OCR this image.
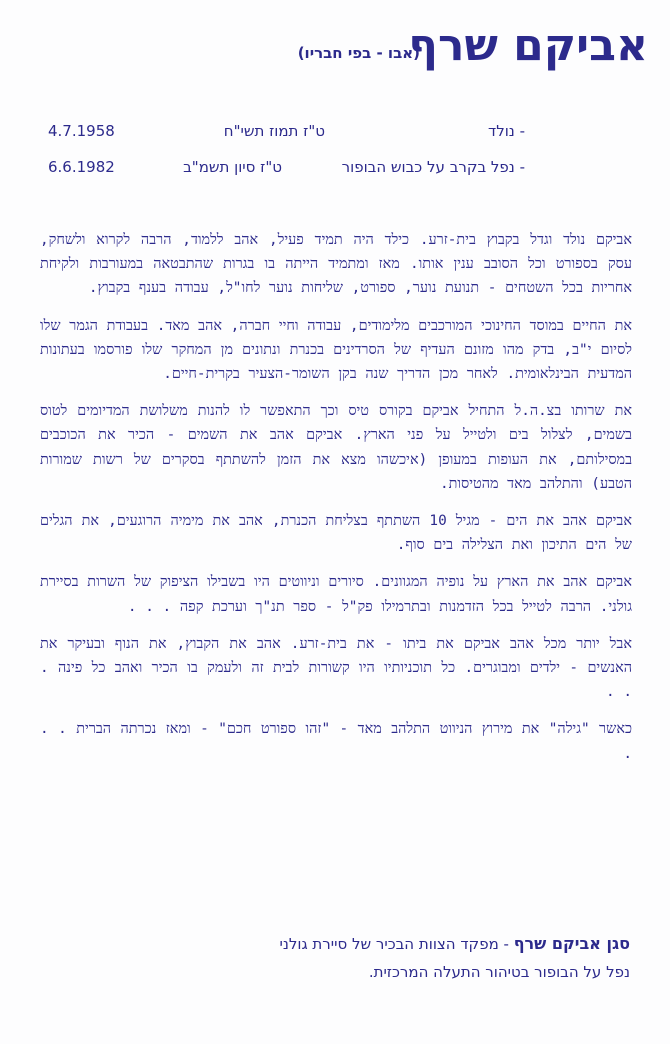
אביקם שרף
(אבו - בפי חבריו)
- נולד
ט"ז תמוז תשי"ח
4.7.1958
- נפל בקרב על כבוש הבופור
ט"ז סיון תשמ"ב
6.6.1982

אביקם נולד וגדל בקבוץ בית-זרע. כילד היה תמיד פעיל, אהב ללמוד, הרבה לקרוא ולשחק, עסק בספורט וכל הסובב ענין אותו. מאז ומתמיד הייתה בו בגרות שהתבטאה במעורבות ולקיחת אחריות בכל השטחים - תנועת נוער, ספורט, שליחות נוער לחו"ל, עבודה בענף בקבוץ.

את החיים במוסד החינוכי המורכבים מלימודים, עבודה וחיי חברה, אהב מאד. בעבודת הגמר שלו לסיום י"ב, בדק מהו מזונם העדיף של הסרדינים בכנרת ונתונים מן המחקר שלו פורסמו בעתונות המדעית הבינלאומית. לאחר מכן הדריך שנה בקן השומר-הצעיר בקרית-חיים.

את שרותו בצ.ה.ל התחיל אביקם בקורס טיס וכך התאפשר לו להנות משלושת המדיומים לטוס בשמים, לצלול בים ולטייל על פני הארץ. אביקם אהב את השמים - הכיר את הכוכבים במסילותם, את העופות במעופן (איכשהו מצא את הזמן להשתתף בסקרים של רשות שמורות הטבע) והתלהב מאד מהטיסות.

אביקם אהב את הים - מגיל 10 השתתף בצליחת הכנרת, אהב את מימיה הרוגעים, את הגלים של הים התיכון ואת הצלילה בים סוף.

אביקם אהב את הארץ על נופיה המגוונים. סיורים וניווטים היו בשבילו הציפוק של השרות בסיירת גולני. הרבה לטייל בכל הזדמנות ובתרמילו פק"ל - ספר תנ"ך וערכת קפה . . .

אבל יותר מכל אהב אביקם את ביתו - את בית-זרע. אהב את הקבוץ, את הנוף ובעיקר את האנשים - ילדים ומבוגרים. כל תוכניותיו היו קשורות לבית זה ולעמק בו הכיר ואהב כל פינה . . .

כאשר "גילה" את מירוץ הניווט התלהב מאד - "זהו ספורט חכם" - ומאז נכרתה הברית . . .

סגן אביקם שרף - מפקד הצוות הבכיר של סיירת גולני
נפל על הבופור בטיהור התעלה המרכזית.
